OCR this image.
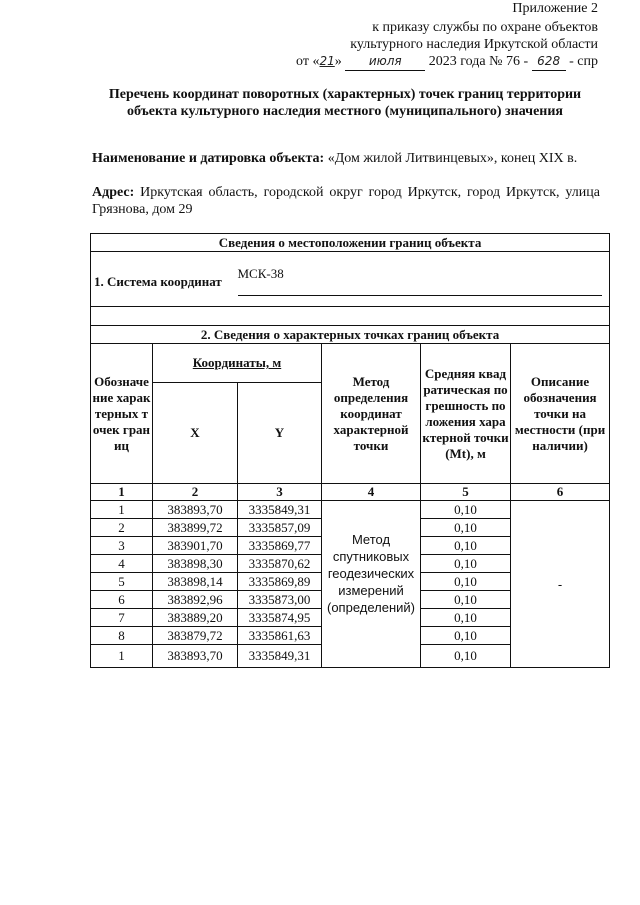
Приложение 2
к приказу службы по охране объектов
культурного наследия Иркутской области
от «21» июля 2023 года № 76 - 628 - спр
Перечень координат поворотных (характерных) точек границ территории объекта культурного наследия местного (муниципального) значения
Наименование и датировка объекта: «Дом жилой Литвинцевых», конец XIX в.
Адрес: Иркутская область, городской округ город Иркутск, город Иркутск, улица Грязнова, дом 29
Сведения о местоположении границ объекта					
1. Система координат		МСК-38			

2. Сведения о характерных точках границ объекта					
Обозначение характерных точек границ	Координаты, м		Метод определения координат характерной точки	Средняя квадратическая погрешность положения характерной точки (Mt), м	Описание обозначения точки на местности (при наличии)
	X	Y			
1	2	3	4	5	6
1	383893,70	3335849,31	Метод спутниковых геодезических измерений (определений)	0,10	-
2	383899,72	3335857,09		0,10	
3	383901,70	3335869,77		0,10	
4	383898,30	3335870,62		0,10	
5	383898,14	3335869,89		0,10	
6	383892,96	3335873,00		0,10	
7	383889,20	3335874,95		0,10	
8	383879,72	3335861,63		0,10	
1	383893,70	3335849,31		0,10	
